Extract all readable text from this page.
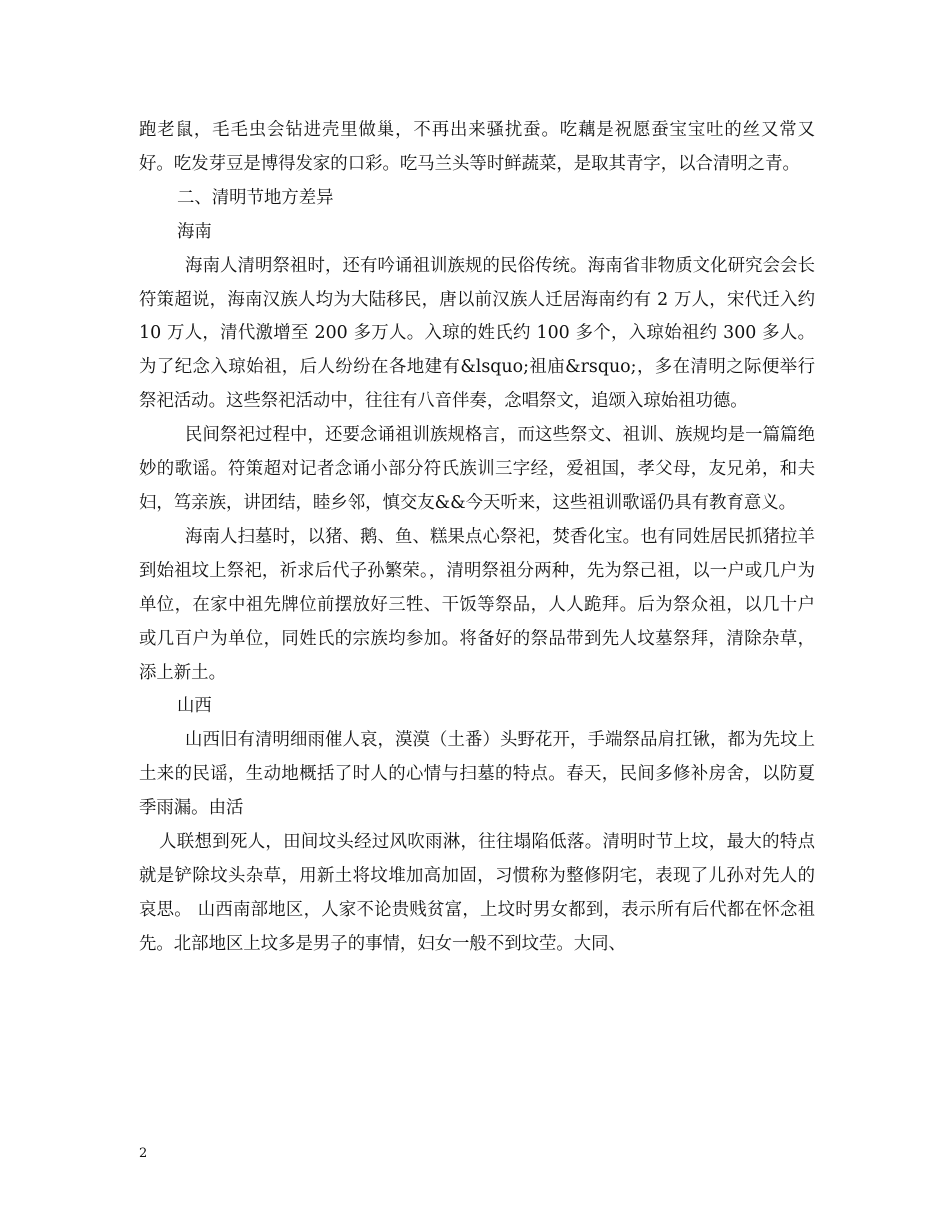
跑老鼠，毛毛虫会钻进壳里做巢，不再出来骚扰蚕。吃藕是祝愿蚕宝宝吐的丝又常又好。吃发芽豆是博得发家的口彩。吃马兰头等时鲜蔬菜，是取其青字，以合清明之青。

二、清明节地方差异

海南

海南人清明祭祖时，还有吟诵祖训族规的民俗传统。海南省非物质文化研究会会长符策超说，海南汉族人均为大陆移民，唐以前汉族人迁居海南约有 2 万人，宋代迁入约 10 万人，清代激增至 200 多万人。入琼的姓氏约 100 多个，入琼始祖约 300 多人。为了纪念入琼始祖，后人纷纷在各地建有&lsquo;祖庙&rsquo;，多在清明之际便举行祭祀活动。这些祭祀活动中，往往有八音伴奏，念唱祭文，追颂入琼始祖功德。

民间祭祀过程中，还要念诵祖训族规格言，而这些祭文、祖训、族规均是一篇篇绝妙的歌谣。符策超对记者念诵小部分符氏族训三字经，爱祖国，孝父母，友兄弟，和夫妇，笃亲族，讲团结，睦乡邻，慎交友&&今天听来，这些祖训歌谣仍具有教育意义。

海南人扫墓时，以猪、鹅、鱼、糕果点心祭祀，焚香化宝。也有同姓居民抓猪拉羊到始祖坟上祭祀，祈求后代子孙繁荣。，清明祭祖分两种，先为祭己祖，以一户或几户为单位，在家中祖先牌位前摆放好三牲、干饭等祭品，人人跪拜。后为祭众祖，以几十户或几百户为单位，同姓氏的宗族均参加。将备好的祭品带到先人坟墓祭拜，清除杂草，添上新土。

山西

山西旧有清明细雨催人哀，漠漠（土番）头野花开，手端祭品肩扛锹，都为先坟上土来的民谣，生动地概括了时人的心情与扫墓的特点。春天，民间多修补房舍，以防夏季雨漏。由活

人联想到死人，田间坟头经过风吹雨淋，往往塌陷低落。清明时节上坟，最大的特点就是铲除坟头杂草，用新土将坟堆加高加固，习惯称为整修阴宅，表现了儿孙对先人的哀思。 山西南部地区，人家不论贵贱贫富，上坟时男女都到，表示所有后代都在怀念祖先。北部地区上坟多是男子的事情，妇女一般不到坟茔。大同、

2
